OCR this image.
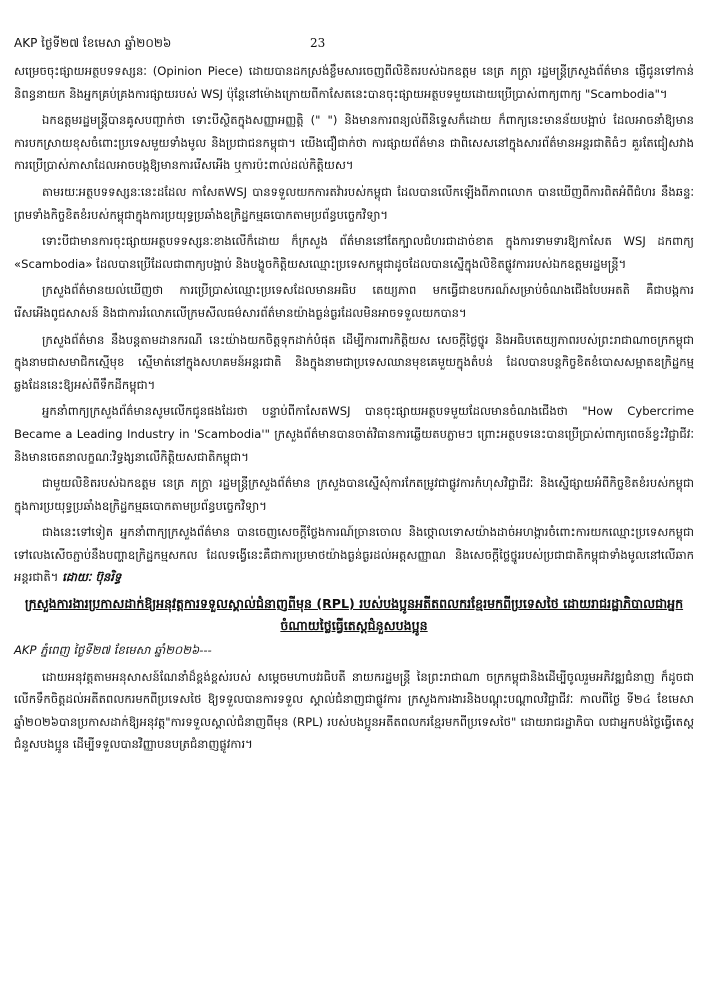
AKP ថ្ងៃទី២៧ ខែមេសា ឆ្នាំ២០២៦	23

សម្រេចចុះផ្សាយអត្ថបទទស្សនៈ (Opinion Piece) ដោយបានដកស្រង់ខ្លឹមសារចេញពីលិខិតរបស់ឯកឧត្តម នេត្រ ភក្ត្រា រដ្ឋមន្ត្រីក្រសួងព័ត៌មាន ផ្ញើជូនទៅកាន់និពន្ធនាយក និងអ្នកគ្រប់គ្រងការផ្សាយរបស់ WSJ ប៉ុន្តែនៅម៉ោងក្រោយពីកាសែតនេះបានចុះផ្សាយអត្ថបទមួយដោយប្រើប្រាស់ពាក្យពាក្យ "Scambodia"។

ឯកឧត្តមរដ្ឋមន្ត្រីបានគូសបញ្ជាក់ថា ទោះបីស្ថិតក្នុងសញ្ញាអញ្ញត្តិ (" ") និងមានការពន្យល់ពីនិទ្ទេសក៏ដោយ ក៏ពាក្យនេះមានន័យបង្អាប់ ដែលអាចនាំឱ្យមានការបកស្រាយខុសចំពោះប្រទេសមួយទាំងមូល និងប្រជាជនកម្ពុជា។ យើងជឿជាក់ថា ការផ្សាយព័ត៌មាន ជាពិសេសនៅក្នុងសារព័ត៌មានអន្តរជាតិធំៗ គួរតែជៀសវាងការប្រើប្រាស់ភាសាដែលអាចបង្កឱ្យមានការរើសអើង ឬការប៉ះពាល់ដល់កិត្តិយស។

តាមរយៈអត្ថបទទស្សនៈនេះដដែល កាសែតWSJ បានទទួលយកការតវ៉ារបស់កម្ពុជា ដែលបានលើកឡើងពីភាពលោក បានឃើញពីការពិតអំពីជំហរ នឹងឆន្ទៈព្រមទាំងកិច្ចខិតខំរបស់កម្ពុជាក្នុងការប្រយុទ្ធប្រឆាំងឧក្រិដ្ឋកម្មឆបោកតាមប្រព័ន្ធបច្ចេកវិទ្យា។

ទោះបីជាមានការចុះផ្សាយអត្ថបទទស្សនៈខាងលើក៏ដោយ ក៏ក្រសួង ព័ត៌មាននៅតែក្បាលជំហរជាដាច់ខាត ក្នុងការទាមទារឱ្យកាសែត WSJ ដកពាក្យ «Scambodia» ដែលបានប្រើដែលជាពាក្យបង្អាប់ និងបង្ខូចកិត្តិយសឈ្មោះប្រទេសកម្ពុជាដូចដែលបានស្នើក្នុងលិខិតផ្លូវការរបស់ឯកឧត្តមរដ្ឋមន្ត្រី។

ក្រសួងព័ត៌មានយល់ឃើញថា ការប្រើប្រាស់ឈ្មោះប្រទេសដែលមានអធិប តេយ្យភាព មកធ្វើជាឧបករណ៍សម្រាប់ចំណងជើងបែបអតតិ គឺជាបង្កការរើសអើងពូជសាសន៍ និងជាការរំលោភលើក្រមសីលធម៌សារព័ត៌មានយ៉ាងធ្ងន់ធ្ងរដែលមិនអាចទទួលយកបាន។

ក្រសួងព័ត៌មាន នឹងបន្តតាមដានករណី នេះយ៉ាងយកចិត្តទុកដាក់បំផុត ដើម្បីការពារកិត្តិយស សេចក្តីថ្លៃថ្នូរ និងអធិបតេយ្យភាពរបស់ព្រះរាជាណាចក្រកម្ពុជា ក្នុងនាមជាសមាជិកស្មើមុខ ស្មើមាត់នៅក្នុងសហគមន៍អន្តរជាតិ និងក្នុងនាមជាប្រទេសឈានមុខគេមួយក្នុងតំបន់ ដែលបានបន្តកិច្ចខិតខំបោសសម្អាតឧក្រិដ្ឋកម្មឆ្លងដែននេះឱ្យអស់ពីទឹកដីកម្ពុជា។

អ្នកនាំពាក្យក្រសួងព័ត៌មានសូមលើកជូនផងដែរថា បន្ទាប់ពីកាសែតWSJ បានចុះផ្សាយអត្ថបទមួយដែលមានចំណងជើងថា "How Cybercrime Became a Leading Industry in 'Scambodia'" ក្រសួងព័ត៌មានបានចាត់វិធានការឆ្លើយតបភ្លាមៗ ព្រោះអត្ថបទនេះបានប្រើប្រាស់ពាក្យពេចន៍ខ្វះវិជ្ជាជីវៈ និងមានចេតនាលក្ខណៈវិទ្ធង្សនាលើកិត្តិយសជាតិកម្ពុជា។

ជាមួយលិខិតរបស់ឯកឧត្តម នេត្រ ភក្ត្រា រដ្ឋមន្ត្រីក្រសួងព័ត៌មាន ក្រសួងបានស្នើសុំការកែតម្រូវជាផ្លូវការកំហុសវិជ្ជាជីវៈ និងស្នើផ្សាយអំពីកិច្ចខិតខំរបស់កម្ពុជាក្នុងការប្រយុទ្ធប្រឆាំងឧក្រិដ្ឋកម្មឆបោកតាមប្រព័ន្ធបច្ចេកវិទ្យា។

ជាងនេះទៅទៀត អ្នកនាំពាក្យក្រសួងព័ត៌មាន បានចេញសេចក្តីថ្លែងការណ៍ច្រានចោល និងថ្កោលទោសយ៉ាងដាច់អហង្ការចំពោះការយកឈ្មោះប្រទេសកម្ពុជា ទៅលេងសើចភ្ជាប់នឹងបញ្ហាឧក្រិដ្ឋកម្មសកល ដែលទង្វើនេះគឺជាការប្រមាថយ៉ាងធ្ងន់ធ្ងរដល់អត្តសញ្ញាណ និងសេចក្តីថ្លៃថ្នូររបស់ប្រជាជាតិកម្ពុជាទាំងមូលនៅលើឆាកអន្តរជាតិ។ ដោយៈ ប៊ុនរិទ្ធ

ក្រសួងការងារប្រកាសដាក់ឱ្យអនុវត្តការទទួលស្គាល់ជំនាញពីមុន (RPL) របស់បងប្អូនអតីតពលករខ្មែរមកពីប្រទេសថៃ ដោយរាជរដ្ឋាភិបាលជាអ្នកចំណាយថ្លៃធ្វើតេស្តជំនួសបងប្អូន

AKP ភ្នំពេញ ថ្ងៃទី២៧ ខែមេសា ឆ្នាំ២០២៦---

ដោយអនុវត្តតាមអនុសាសន៍ណែនាំដ៏ខ្ពង់ខ្ពស់របស់ សម្តេចមហាបវរធិបតី នាយករដ្ឋមន្ត្រី នៃព្រះរាជាណា ចក្រកម្ពុជានិងដើម្បីចូលរួមអភិវឌ្ឍជំនាញ ក៏ដូចជាលើកទឹកចិត្តដល់អតីតពលករមកពីប្រទេសថៃ ឱ្យទទួលបានការទទួល ស្គាល់ជំនាញជាផ្លូវការ ក្រសួងការងារនិងបណ្តុះបណ្តាលវិជ្ជាជីវៈ កាលពីថ្ងៃ ទី២៤ ខែមេសា ឆ្នាំ២០២៦បានប្រកាសដាក់ឱ្យអនុវត្ត"ការទទួលស្គាល់ជំនាញពីមុន (RPL) របស់បងប្អូនអតីតពលករខ្មែរមកពីប្រទេសថៃ" ដោយរាជរដ្ឋាភិបា លជាអ្នកបង់ថ្លៃធ្វើតេស្តជំនួសបងប្អូន ដើម្បីទទួលបានវិញ្ញាបនបត្រជំនាញផ្លូវការ។
